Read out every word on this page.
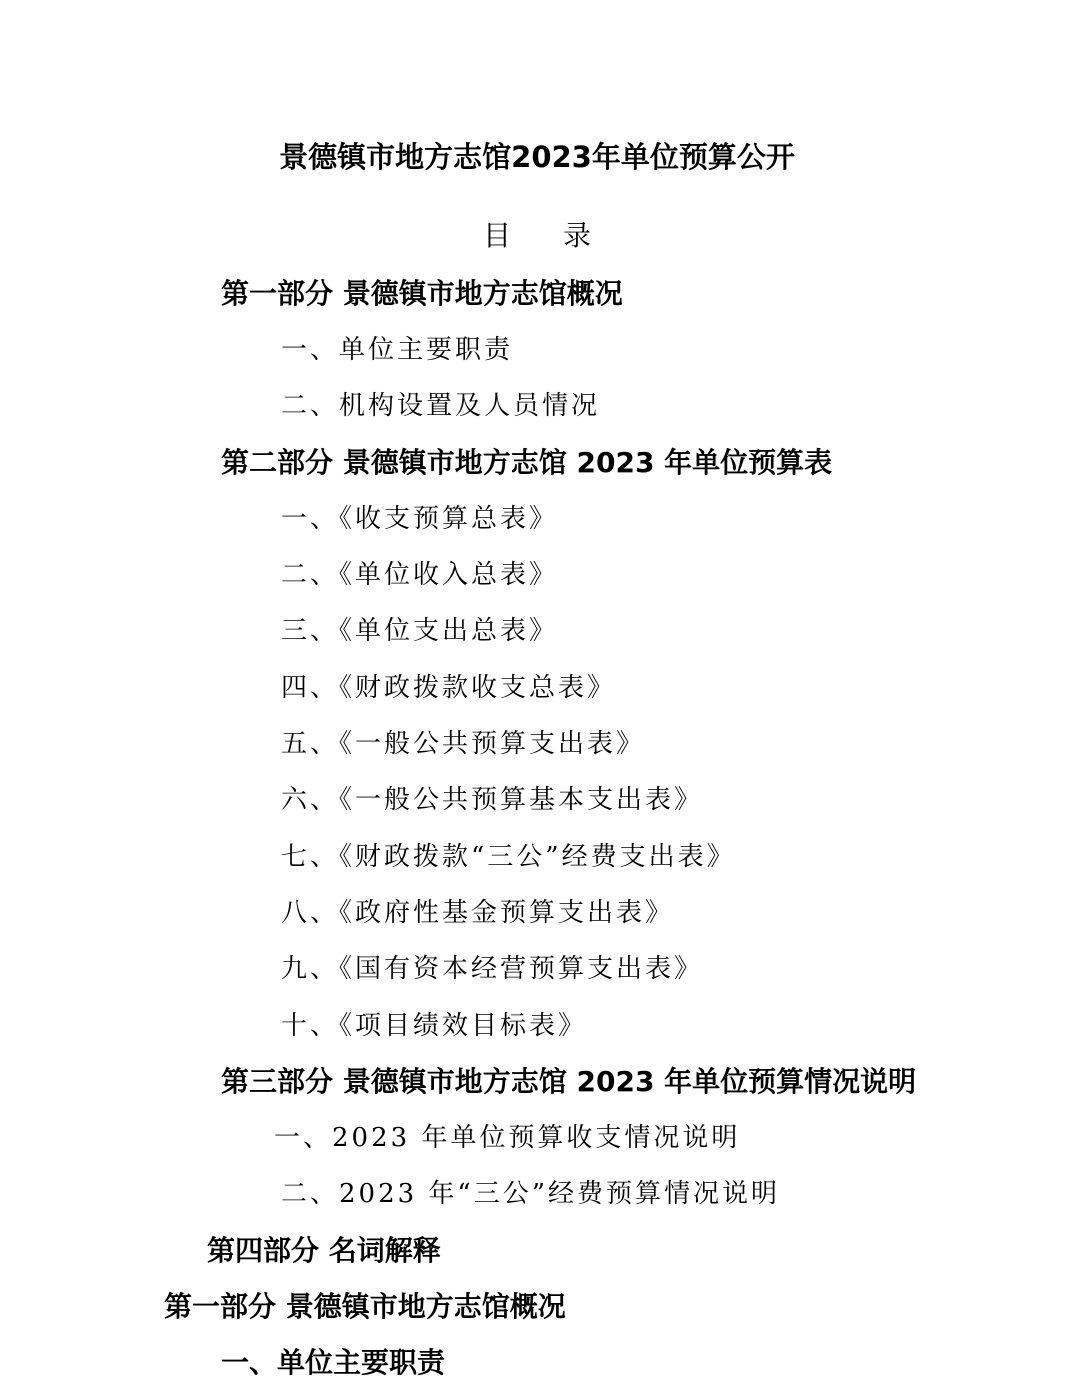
景德镇市地方志馆2023年单位预算公开
目录
第一部分 景德镇市地方志馆概况
一、单位主要职责
二、机构设置及人员情况
第二部分 景德镇市地方志馆 2023 年单位预算表
一、《收支预算总表》
二、《单位收入总表》
三、《单位支出总表》
四、《财政拨款收支总表》
五、《一般公共预算支出表》
六、《一般公共预算基本支出表》
七、《财政拨款“三公”经费支出表》
八、《政府性基金预算支出表》
九、《国有资本经营预算支出表》
十、《项目绩效目标表》
第三部分 景德镇市地方志馆 2023 年单位预算情况说明
一、2023 年单位预算收支情况说明
二、2023 年“三公”经费预算情况说明
第四部分 名词解释
第一部分 景德镇市地方志馆概况
一、单位主要职责
